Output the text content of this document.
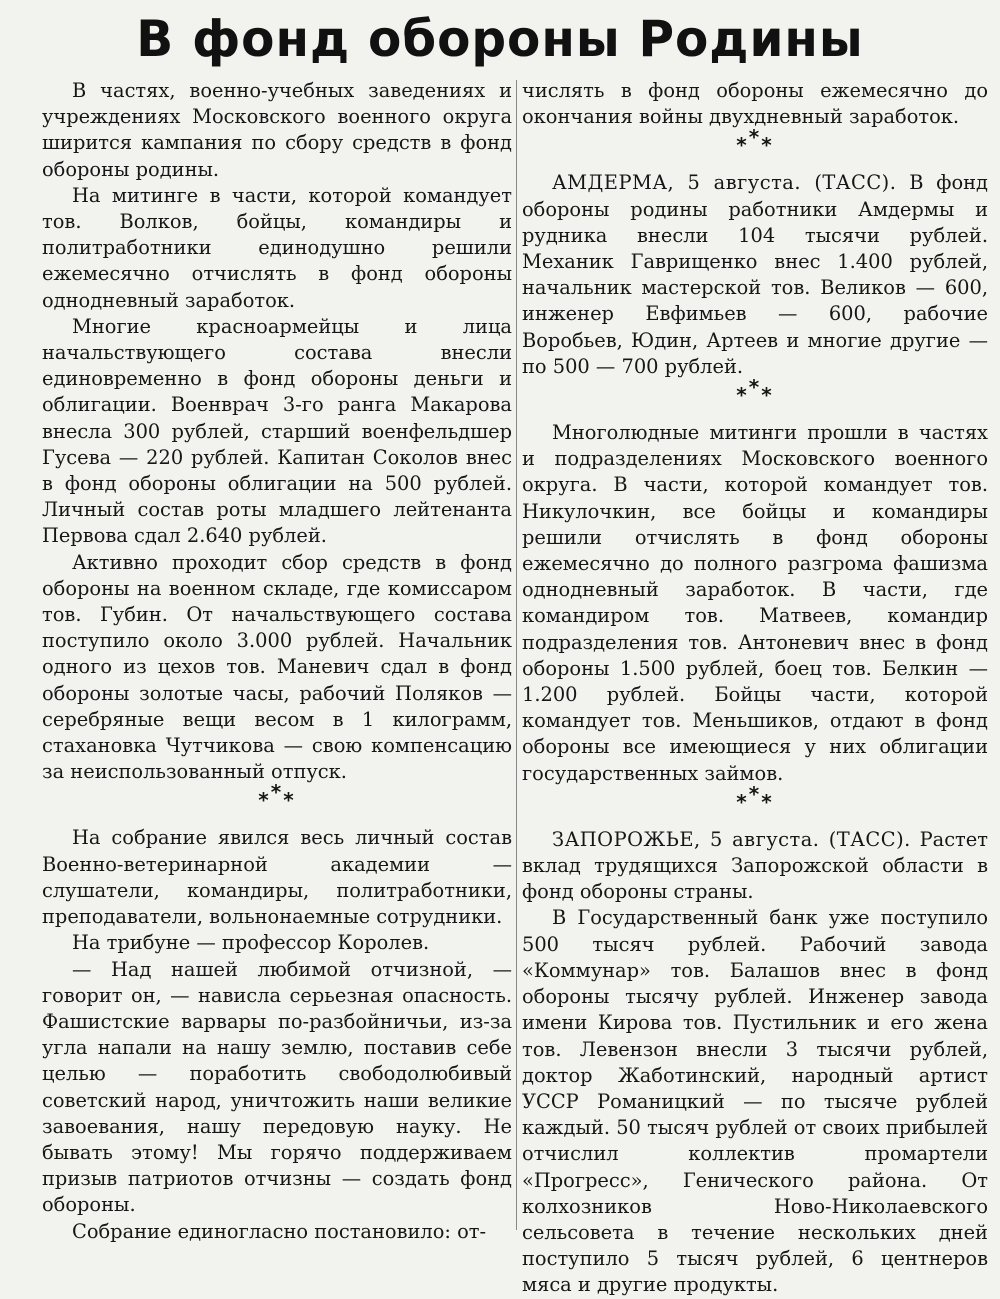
В фонд обороны Родины

В частях, военно-учебных заведениях и учреждениях Московского военного округа ширится кампания по сбору средств в фонд обороны родины.

На митинге в части, которой командует тов. Волков, бойцы, командиры и политработники единодушно решили ежемесячно отчислять в фонд обороны однодневный заработок.

Многие красноармейцы и лица начальствующего состава внесли единовременно в фонд обороны деньги и облигации. Военврач 3-го ранга Макарова внесла 300 рублей, старший военфельдшер Гусева — 220 рублей. Капитан Соколов внес в фонд обороны облигации на 500 рублей. Личный состав роты младшего лейтенанта Первова сдал 2.640 рублей.

Активно проходит сбор средств в фонд обороны на военном складе, где комиссаром тов. Губин. От начальствующего состава поступило около 3.000 рублей. Начальник одного из цехов тов. Маневич сдал в фонд обороны золотые часы, рабочий Поляков — серебряные вещи весом в 1 килограмм, стахановка Чутчикова — свою компенсацию за неиспользованный отпуск.

***

На собрание явился весь личный состав Военно-ветеринарной академии — слушатели, командиры, политработники, преподаватели, вольнонаемные сотрудники.

На трибуне — профессор Королев.

— Над нашей любимой отчизной, — говорит он, — нависла серьезная опасность. Фашистские варвары по-разбойничьи, из-за угла напали на нашу землю, поставив себе целью — поработить свободолюбивый советский народ, уничтожить наши великие завоевания, нашу передовую науку. Не бывать этому! Мы горячо поддерживаем призыв патриотов отчизны — создать фонд обороны.

Собрание единогласно постановило: от-

числять в фонд обороны ежемесячно до окончания войны двухдневный заработок.

***

АМДЕРМА, 5 августа. (ТАСС). В фонд обороны родины работники Амдермы и рудника внесли 104 тысячи рублей. Механик Гаврищенко внес 1.400 рублей, начальник мастерской тов. Великов — 600, инженер Евфимьев — 600, рабочие Воробьев, Юдин, Артеев и многие другие — по 500 — 700 рублей.

***

Многолюдные митинги прошли в частях и подразделениях Московского военного округа. В части, которой командует тов. Никулочкин, все бойцы и командиры решили отчислять в фонд обороны ежемесячно до полного разгрома фашизма однодневный заработок. В части, где командиром тов. Матвеев, командир подразделения тов. Антоневич внес в фонд обороны 1.500 рублей, боец тов. Белкин — 1.200 рублей. Бойцы части, которой командует тов. Меньшиков, отдают в фонд обороны все имеющиеся у них облигации государственных займов.

***

ЗАПОРОЖЬЕ, 5 августа. (ТАСС). Растет вклад трудящихся Запорожской области в фонд обороны страны.

В Государственный банк уже поступило 500 тысяч рублей. Рабочий завода «Коммунар» тов. Балашов внес в фонд обороны тысячу рублей. Инженер завода имени Кирова тов. Пустильник и его жена тов. Левензон внесли 3 тысячи рублей, доктор Жаботинский, народный артист УССР Романицкий — по тысяче рублей каждый. 50 тысяч рублей от своих прибылей отчислил коллектив промартели «Прогресс», Генического района. От колхозников Ново-Николаевского сельсовета в течение нескольких дней поступило 5 тысяч рублей, 6 центнеров мяса и другие продукты.
